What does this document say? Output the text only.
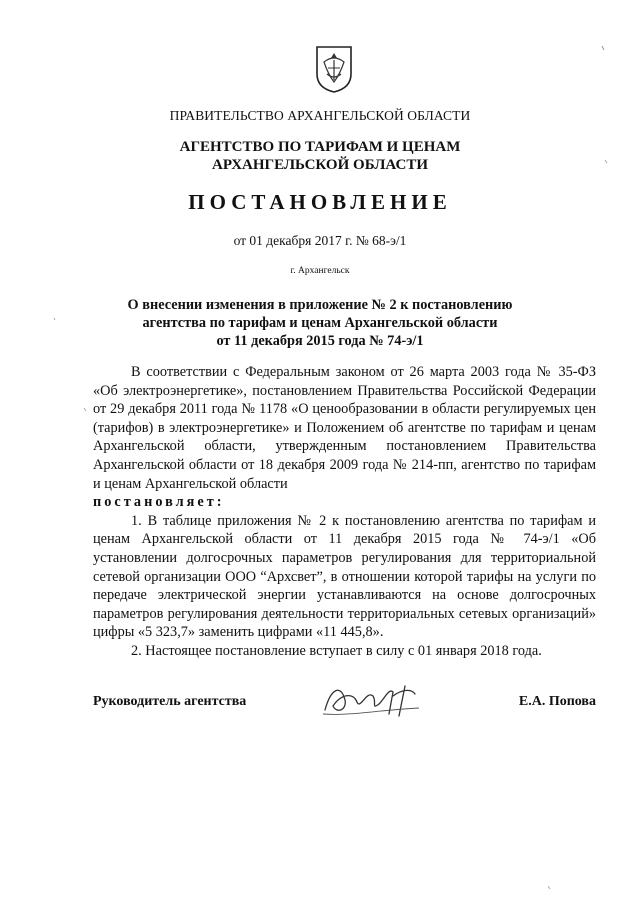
ПРАВИТЕЛЬСТВО АРХАНГЕЛЬСКОЙ ОБЛАСТИ
АГЕНТСТВО ПО ТАРИФАМ И ЦЕНАМ
АРХАНГЕЛЬСКОЙ ОБЛАСТИ
ПОСТАНОВЛЕНИЕ
от 01 декабря 2017 г. № 68-э/1
г. Архангельск
О внесении изменения в приложение № 2 к постановлению
агентства по тарифам и ценам Архангельской области
от 11 декабря 2015 года № 74-э/1

В соответствии с Федеральным законом от 26 марта 2003 года № 35-ФЗ «Об электроэнергетике», постановлением Правительства Российской Федерации от 29 декабря 2011 года № 1178 «О ценообразовании в области регулируемых цен (тарифов) в электроэнергетике» и Положением об агентстве по тарифам и ценам Архангельской области, утвержденным постановлением Правительства Архангельской области от 18 декабря 2009 года № 214-пп, агентство по тарифам и ценам Архангельской области

постановляет:

1. В таблице приложения № 2 к постановлению агентства по тарифам и ценам Архангельской области от 11 декабря 2015 года № 74-э/1 «Об установлении долгосрочных параметров регулирования для территориальной сетевой организации ООО “Архсвет”, в отношении которой тарифы на услуги по передаче электрической энергии устанавливаются на основе долгосрочных параметров регулирования деятельности территориальных сетевых организаций» цифры «5 323,7» заменить цифрами «11 445,8».

2. Настоящее постановление вступает в силу с 01 января 2018 года.

Руководитель агентства	Е.А. Попова
